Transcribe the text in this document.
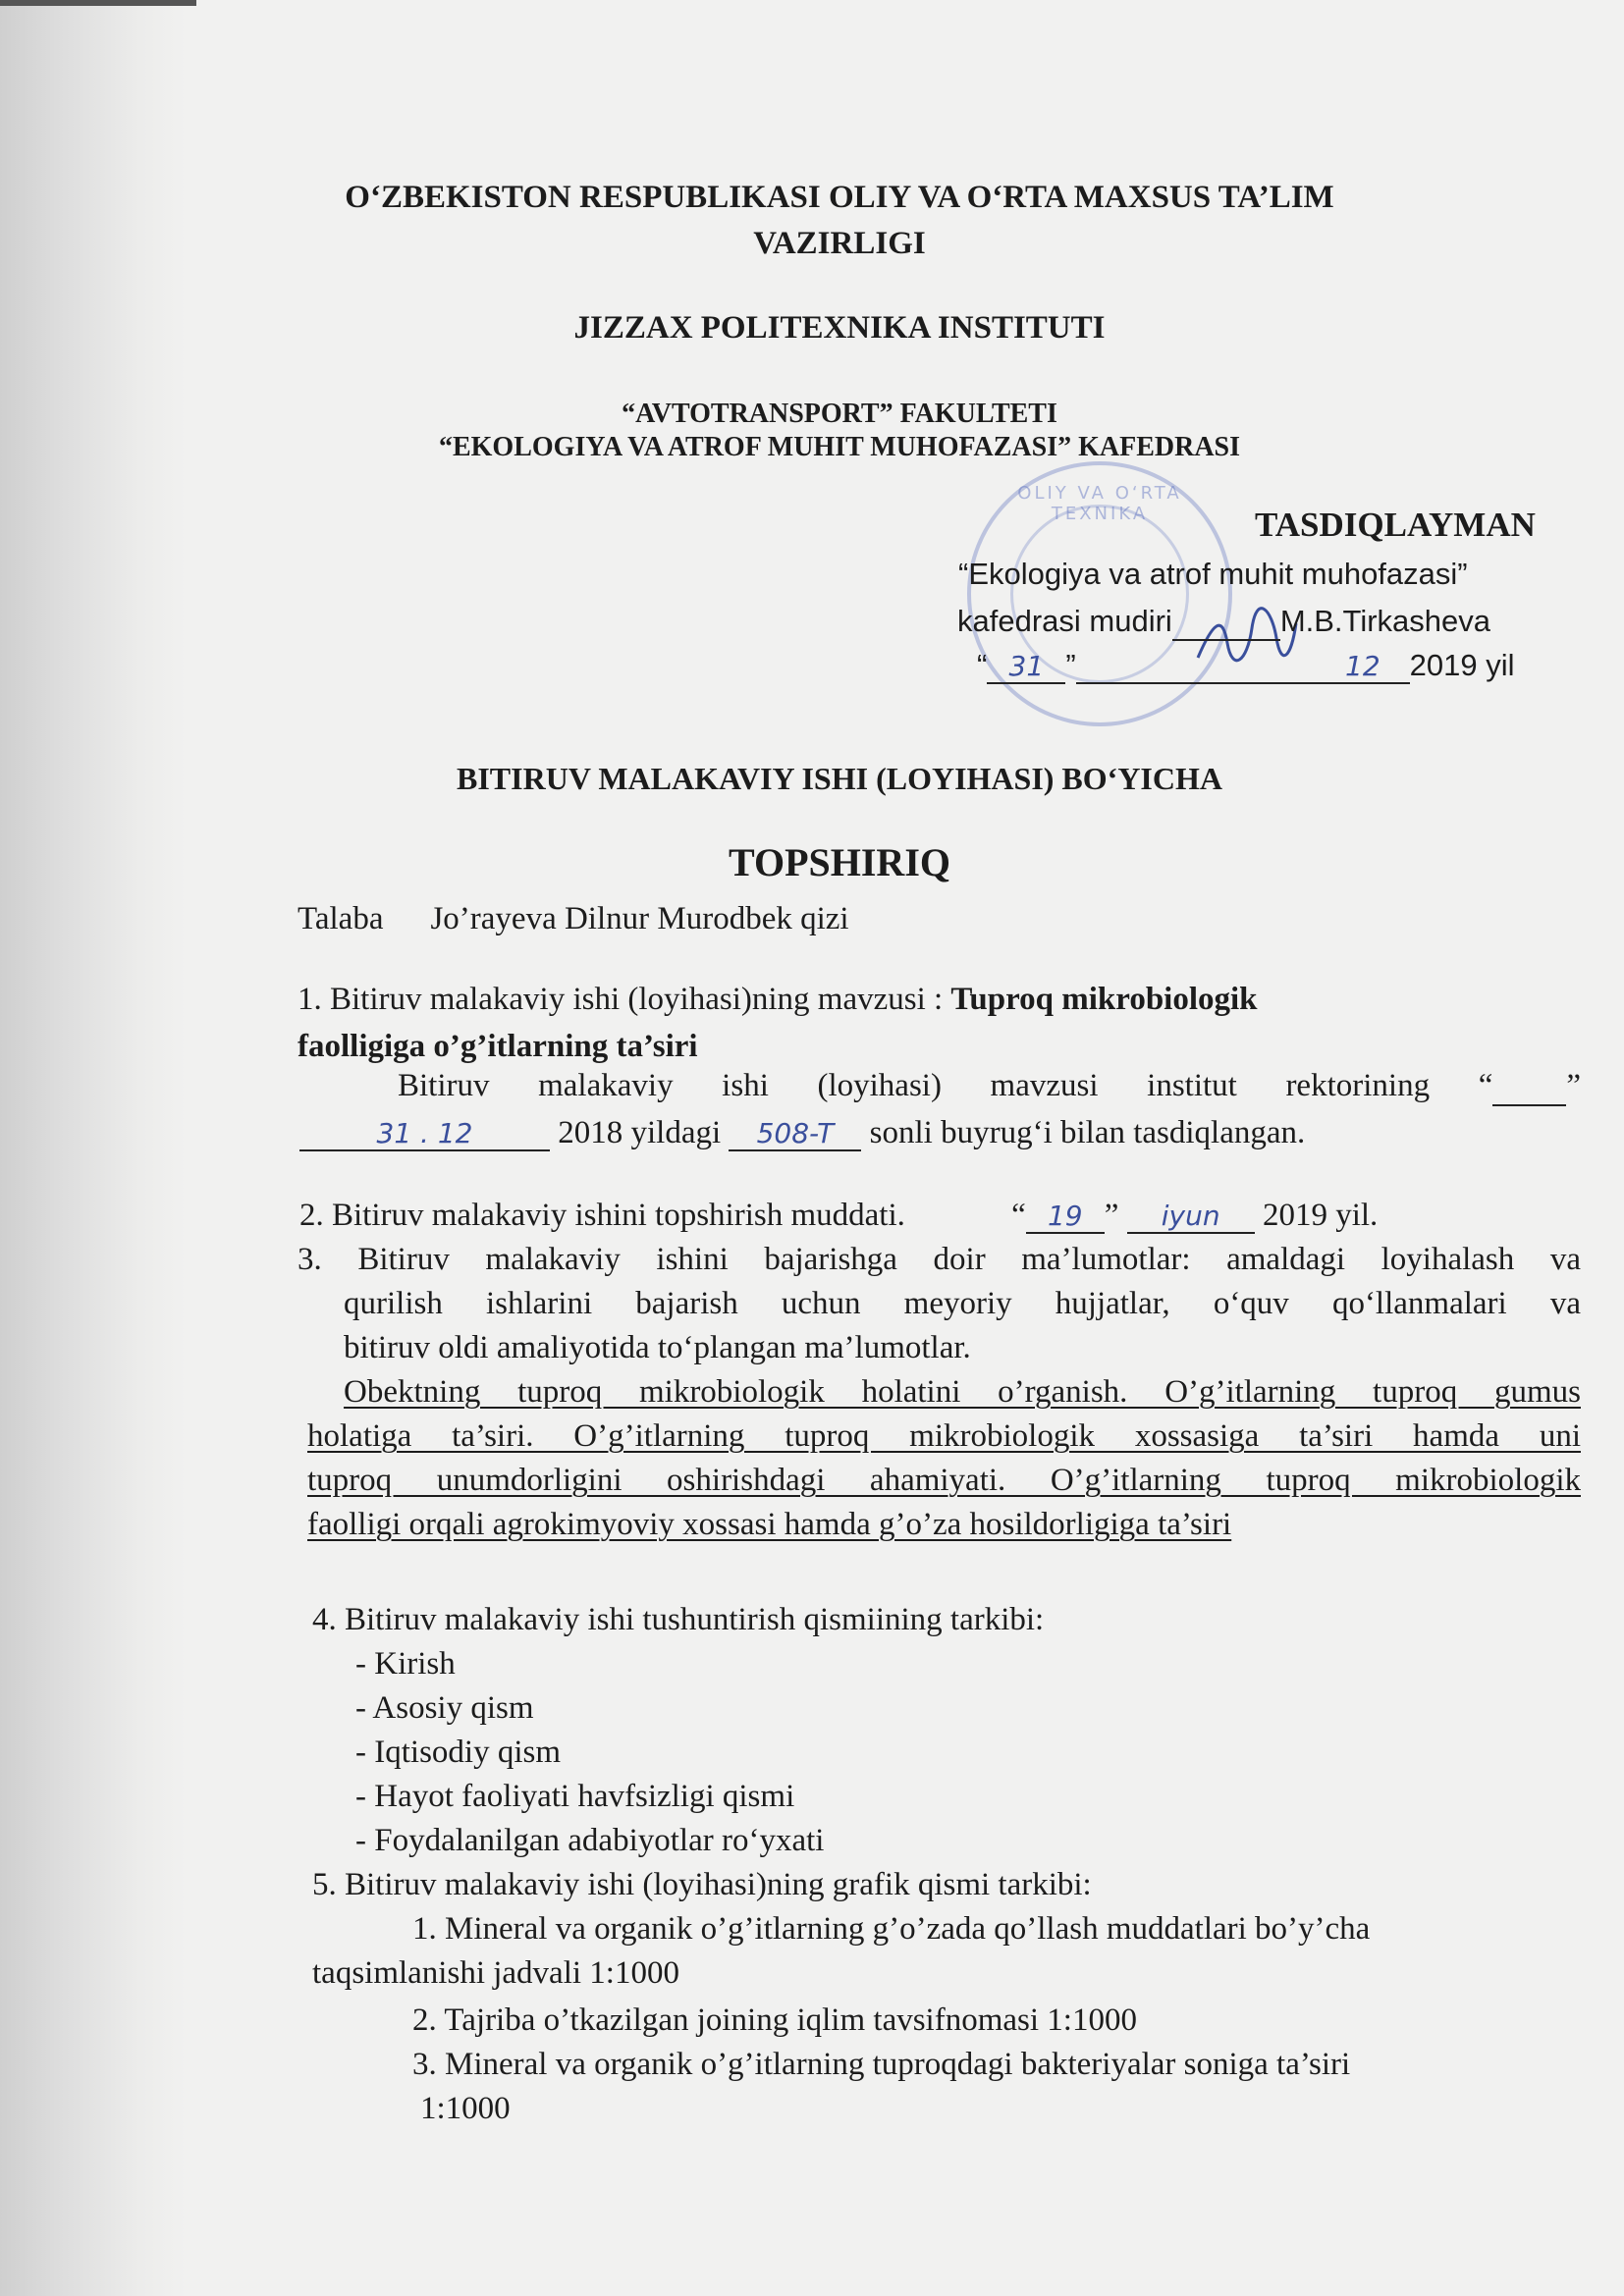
O‘ZBEKISTON RESPUBLIKASI OLIY VA O‘RTA MAXSUS TA’LIM
VAZIRLIGI
JIZZAX POLITEXNIKA INSTITUTI
“AVTOTRANSPORT” FAKULTETI
“EKOLOGIYA VA ATROF MUHIT MUHOFAZASI” KAFEDRASI
OLIY VA O‘RTA TEXNIKA	TASDIQLAYMAN
“Ekologiya va atrof muhit muhofazasi”
kafedrasi mudiri	M.B.Tirkasheva
“ 31 ”	12 2019 yil
BITIRUV MALAKAVIY ISHI (LOYIHASI) BO‘YICHA
TOPSHIRIQ
Talaba Jo’rayeva Dilnur Murodbek qizi
1. Bitiruv malakaviy ishi (loyihasi)ning mavzusi : Tuproq mikrobiologik
faolligiga o’g’itlarning ta’siri
Bitiruv malakaviy ishi (loyihasi) mavzusi institut rektorining “ ”
31 . 12	2018 yildagi 508-T sonli buyrug‘i bilan tasdiqlangan.
2. Bitiruv malakaviy ishini topshirish muddati.	“ 19 ” iyun 2019 yil.
3. Bitiruv malakaviy ishini bajarishga doir ma’lumotlar: amaldagi loyihalash va
qurilish ishlarini bajarish uchun meyoriy hujjatlar, o‘quv qo‘llanmalari va
bitiruv oldi amaliyotida to‘plangan ma’lumotlar.
Obektning tuproq mikrobiologik holatini o’rganish. O’g’itlarning tuproq gumus
holatiga ta’siri. O’g’itlarning tuproq mikrobiologik xossasiga ta’siri hamda uni
tuproq unumdorligini oshirishdagi ahamiyati. O’g’itlarning tuproq mikrobiologik
faolligi orqali agrokimyoviy xossasi hamda g’o’za hosildorligiga ta’siri
4. Bitiruv malakaviy ishi tushuntirish qismiining tarkibi:
- Kirish
- Asosiy qism
- Iqtisodiy qism
- Hayot faoliyati havfsizligi qismi
- Foydalanilgan adabiyotlar ro‘yxati
5. Bitiruv malakaviy ishi (loyihasi)ning grafik qismi tarkibi:
1. Mineral va organik o’g’itlarning g’o’zada qo’llash muddatlari bo’y’cha
taqsimlanishi jadvali 1:1000
2. Tajriba o’tkazilgan joining iqlim tavsifnomasi 1:1000
3. Mineral va organik o’g’itlarning tuproqdagi bakteriyalar soniga ta’siri
1:1000
